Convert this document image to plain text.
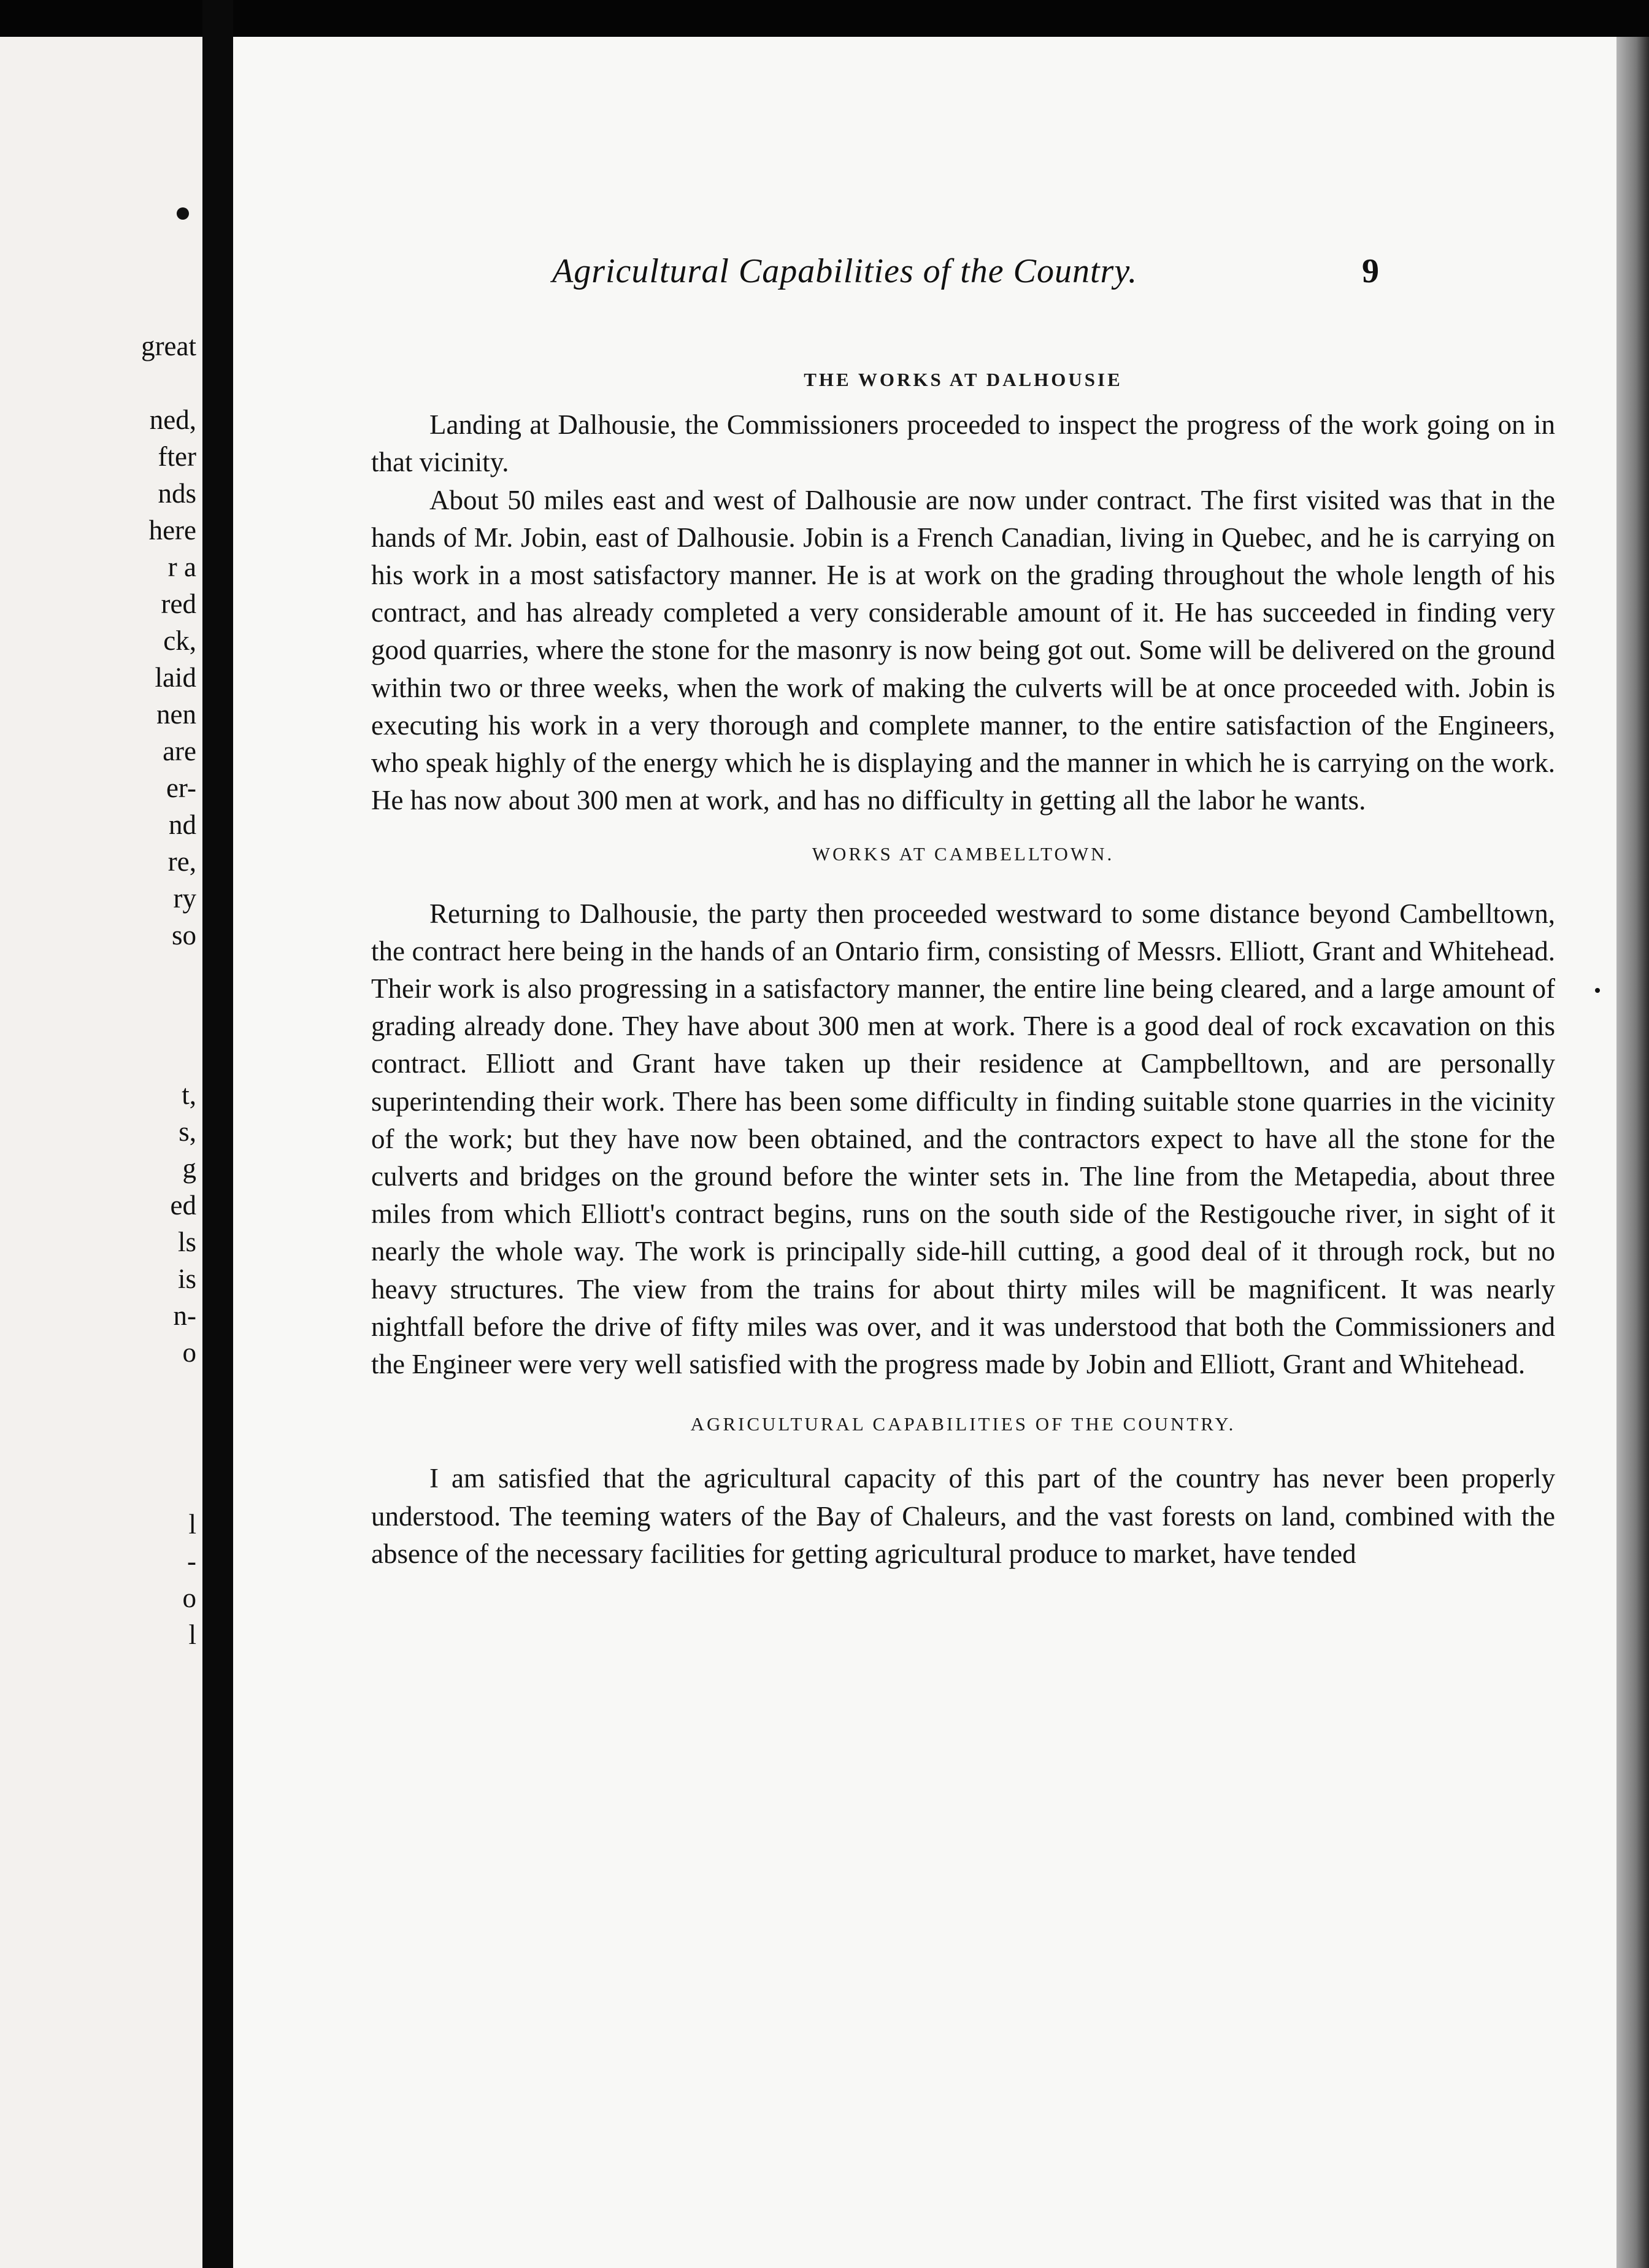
great
ned,
fter
nds
here
r a
red
ck,
laid
nen
are
er-
nd
re,
ry
so
t,
s,
g
ed
ls
is
n-
o
l
-
o
l
Agricultural Capabilities of the Country.	9
THE WORKS AT DALHOUSIE

Landing at Dalhousie, the Commissioners proceeded to inspect the progress of the work going on in that vicinity.

About 50 miles east and west of Dalhousie are now under contract. The first visited was that in the hands of Mr. Jobin, east of Dalhousie. Jobin is a French Canadian, living in Quebec, and he is carrying on his work in a most satisfactory manner. He is at work on the grading throughout the whole length of his contract, and has already completed a very considerable amount of it. He has succeeded in finding very good quarries, where the stone for the masonry is now being got out. Some will be delivered on the ground within two or three weeks, when the work of making the culverts will be at once proceeded with. Jobin is executing his work in a very thorough and complete manner, to the entire satisfaction of the Engineers, who speak highly of the energy which he is displaying and the manner in which he is carrying on the work. He has now about 300 men at work, and has no difficulty in getting all the labor he wants.

WORKS AT CAMBELLTOWN.

Returning to Dalhousie, the party then proceeded westward to some distance beyond Cambelltown, the contract here being in the hands of an Ontario firm, consisting of Messrs. Elliott, Grant and Whitehead. Their work is also progressing in a satisfactory manner, the entire line being cleared, and a large amount of grading already done. They have about 300 men at work. There is a good deal of rock excavation on this contract. Elliott and Grant have taken up their residence at Campbelltown, and are personally superintending their work. There has been some difficulty in finding suitable stone quarries in the vicinity of the work; but they have now been obtained, and the contractors expect to have all the stone for the culverts and bridges on the ground before the winter sets in. The line from the Metapedia, about three miles from which Elliott's contract begins, runs on the south side of the Restigouche river, in sight of it nearly the whole way. The work is principally side-hill cutting, a good deal of it through rock, but no heavy structures. The view from the trains for about thirty miles will be magnificent. It was nearly nightfall before the drive of fifty miles was over, and it was understood that both the Commissioners and the Engineer were very well satisfied with the progress made by Jobin and Elliott, Grant and Whitehead.

AGRICULTURAL CAPABILITIES OF THE COUNTRY.

I am satisfied that the agricultural capacity of this part of the country has never been properly understood. The teeming waters of the Bay of Chaleurs, and the vast forests on land, combined with the absence of the necessary facilities for getting agricultural produce to market, have tended
